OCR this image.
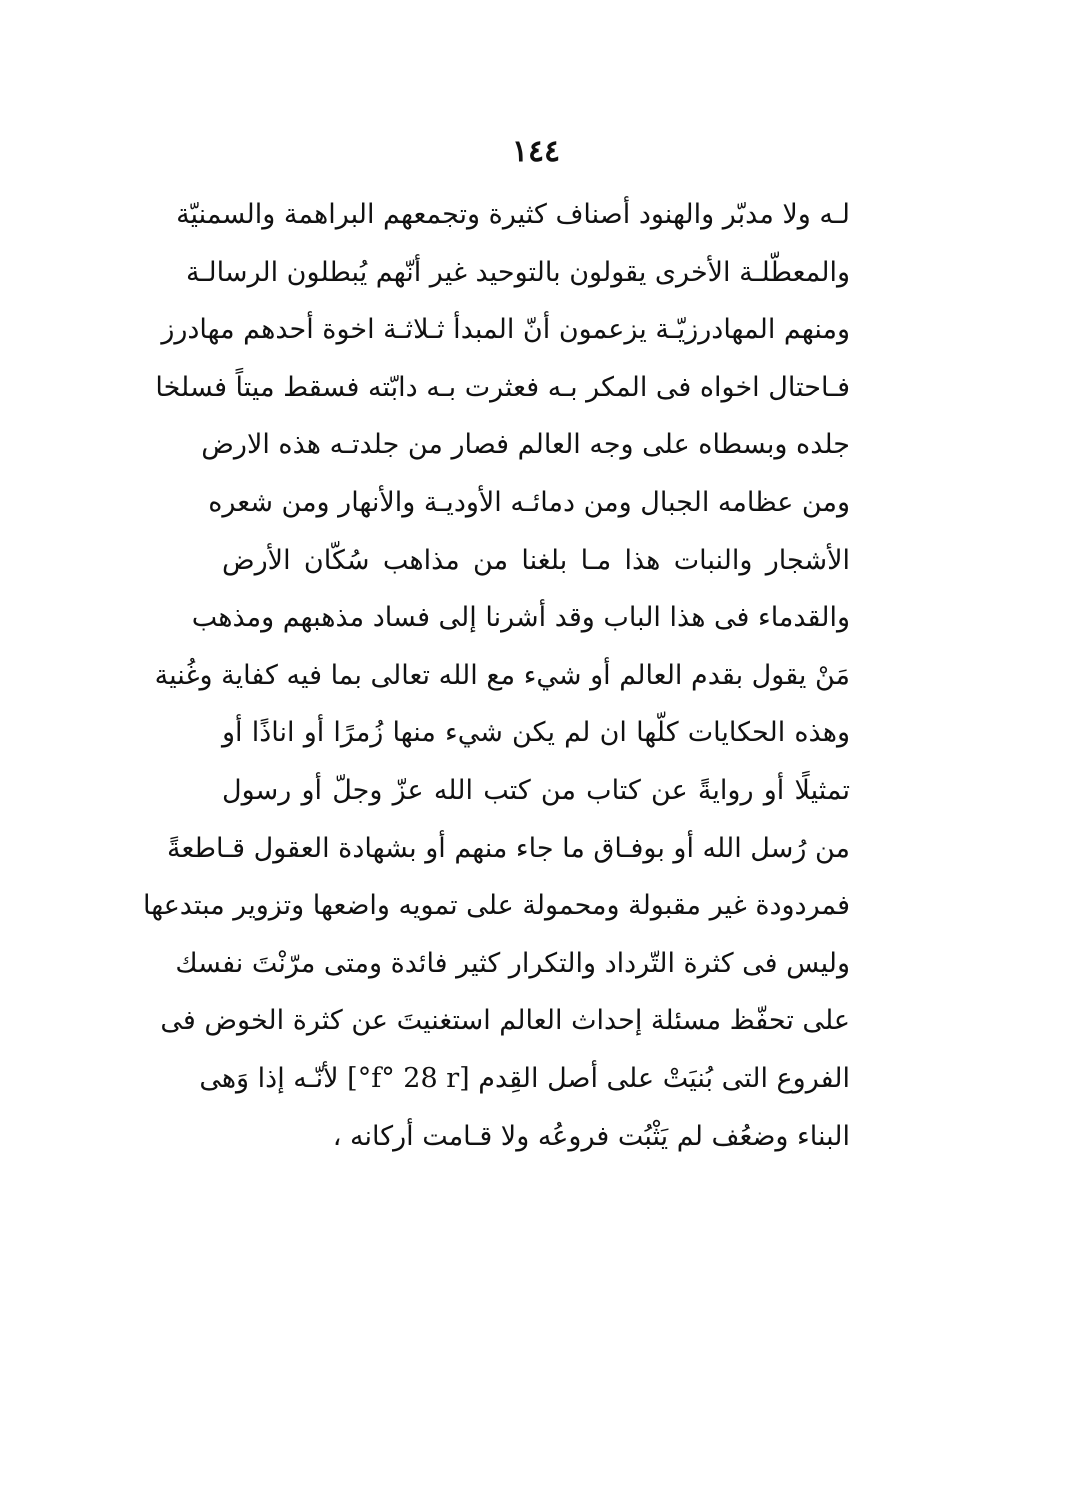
١٤٤
لـه ولا مدبّر والهنود أصناف كثيرة وتجمعهم البراهمة والسمنيّة
والمعطّلـة الأخرى يقولون بالتوحيد غير أنّهم يُبطلون الرسالـة
ومنهم المهادرزيّـة يزعمون أنّ المبدأ ثـلاثـة اخوة أحدهم مهادرز
فـاحتال اخواه فى المكر بـه فعثرت بـه دابّته فسقط ميتاً فسلخا
جلده وبسطاه على وجه العالم فصار من جلدتـه هذه الارض
ومن عظامه الجبال ومن دمائـه الأوديـة والأنهار ومن شعره
الأشجار والنبات هذا مـا بلغنا من مذاهب سُكّان الأرض
والقدماء فى هذا الباب وقد أشرنا إلى فساد مذهبهم ومذهب
مَنْ يقول بقدم العالم أو شيء مع الله تعالى بما فيه كفاية وغُنية
وهذه الحكايات كلّها ان لم يكن شيء منها زُمرًا أو اناذًا أو
تمثيلًا أو روايةً عن كتاب من كتب الله عزّ وجلّ أو رسول
من رُسل الله أو بوفـاق ما جاء منهم أو بشهادة العقول قـاطعةً
فمردودة غير مقبولة ومحمولة على تمويه واضعها وتزوير مبتدعها
وليس فى كثرة التّرداد والتكرار كثير فائدة ومتى مرّنْتَ نفسك
على تحفّظ مسئلة إحداث العالم استغنيتَ عن كثرة الخوض فى
الفروع التى بُنيَتْ على أصل القِدم [f° 28 r°] لأنّـه إذا وَهى
البناء وضعُف لم يَثْبُت فروعُه ولا قـامت أركانه ،
